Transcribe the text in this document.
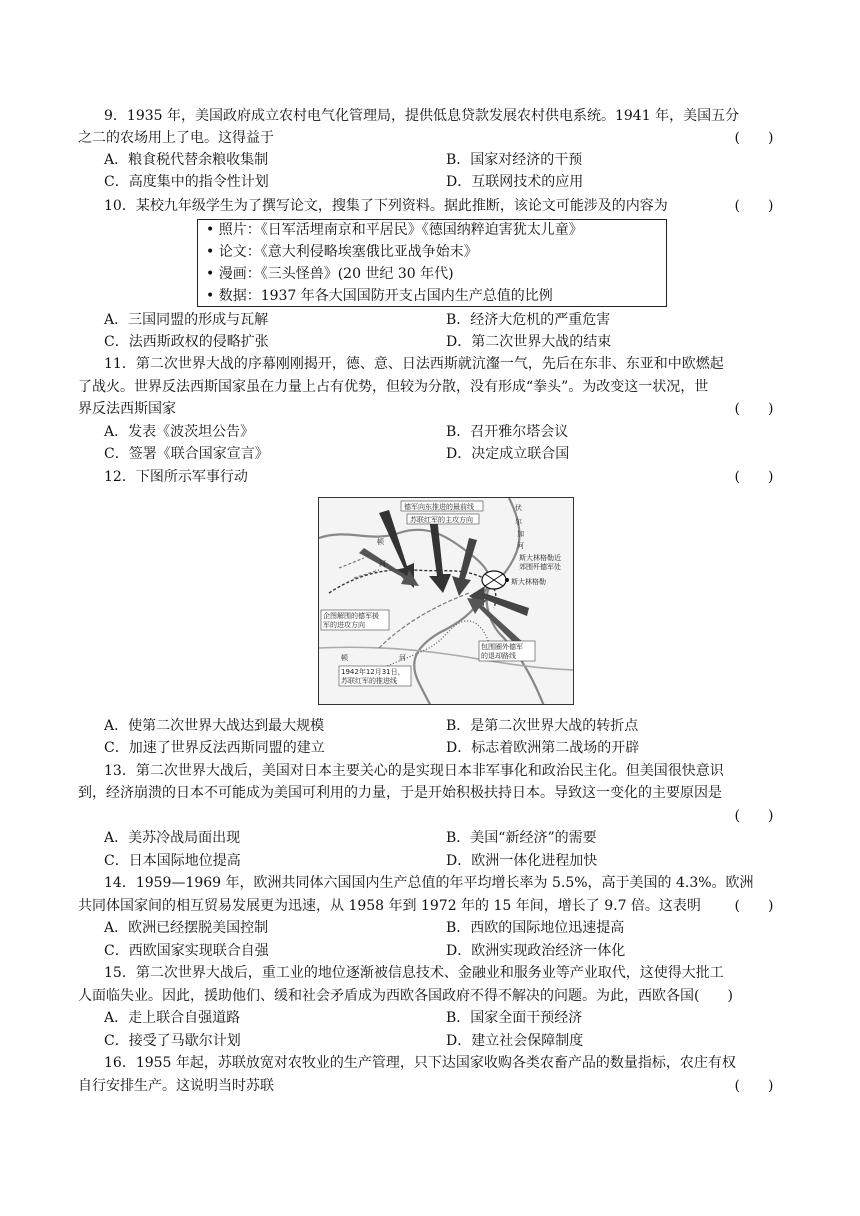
9．1935 年，美国政府成立农村电气化管理局，提供低息贷款发展农村供电系统。1941 年，美国五分
之二的农场用上了电。这得益于	(　　)
A．粮食税代替余粮收集制	B．国家对经济的干预
C．高度集中的指令性计划	D．互联网技术的应用
10．某校九年级学生为了撰写论文，搜集了下列资料。据此推断，该论文可能涉及的内容为	(　　)
• 照片：《日军活埋南京和平居民》《德国纳粹迫害犹太儿童》
• 论文：《意大利侵略埃塞俄比亚战争始末》
• 漫画：《三头怪兽》(20 世纪 30 年代)
• 数据：1937 年各大国国防开支占国内生产总值的比例
A．三国同盟的形成与瓦解	B．经济大危机的严重危害
C．法西斯政权的侵略扩张	D．第二次世界大战的结束
11．第二次世界大战的序幕刚刚揭开，德、意、日法西斯就沆瀣一气，先后在东非、东亚和中欧燃起
了战火。世界反法西斯国家虽在力量上占有优势，但较为分散，没有形成“拳头”。为改变这一状况，世
界反法西斯国家	(　　)
A．发表《波茨坦公告》	B．召开雅尔塔会议
C．签署《联合国家宣言》	D．决定成立联合国
12．下图所示军事行动	(　　)
德军向东推进的最前线
苏联红军的主攻方向
斯大林格勒近
郊围歼德军处
斯大林格勒
企图解围的德军援
军的进攻方向
包围圈外德军
的退却路线
1942年12月31日，
苏联红军的推进线
顿
河
伏
尔
加
河
顿	河
A．使第二次世界大战达到最大规模	B．是第二次世界大战的转折点
C．加速了世界反法西斯同盟的建立	D．标志着欧洲第二战场的开辟
13．第二次世界大战后，美国对日本主要关心的是实现日本非军事化和政治民主化。但美国很快意识
到，经济崩溃的日本不可能成为美国可利用的力量，于是开始积极扶持日本。导致这一变化的主要原因是
(　　)
A．美苏冷战局面出现	B．美国“新经济”的需要
C．日本国际地位提高	D．欧洲一体化进程加快
14．1959—1969 年，欧洲共同体六国国内生产总值的年平均增长率为 5.5%，高于美国的 4.3%。欧洲
共同体国家间的相互贸易发展更为迅速，从 1958 年到 1972 年的 15 年间，增长了 9.7 倍。这表明 (　　)
A．欧洲已经摆脱美国控制	B．西欧的国际地位迅速提高
C．西欧国家实现联合自强	D．欧洲实现政治经济一体化
15．第二次世界大战后，重工业的地位逐渐被信息技术、金融业和服务业等产业取代，这使得大批工
人面临失业。因此，援助他们、缓和社会矛盾成为西欧各国政府不得不解决的问题。为此，西欧各国(　　)
A．走上联合自强道路	B．国家全面干预经济
C．接受了马歇尔计划	D．建立社会保障制度
16．1955 年起，苏联放宽对农牧业的生产管理，只下达国家收购各类农畜产品的数量指标，农庄有权
自行安排生产。这说明当时苏联	(　　)
